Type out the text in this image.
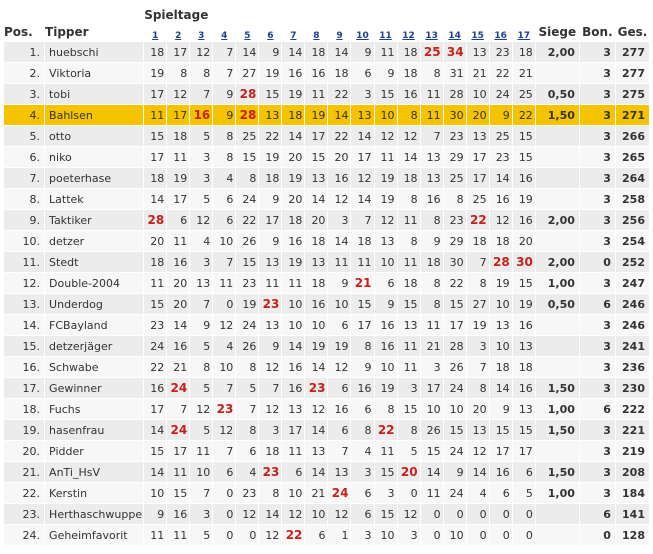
		Spieltage																			
Pos.	Tipper	1	2	3	4	5	6	7	8	9	10	11	12	13	14	15	16	17	Siege	Bon.	Ges.
1.	huebschi	18	17	12	7	14	9	14	18	14	9	11	18	25	34	13	23	18	2,00	3	277
2.	Viktoria	19	8	8	7	27	19	16	16	18	6	9	18	8	31	21	22	21		3	277
3.	tobi	17	12	7	9	28	15	19	11	22	3	15	16	11	28	10	24	25	0,50	3	275
4.	Bahlsen	11	17	16	9	28	13	18	19	14	13	10	8	11	30	20	9	22	1,50	3	271
5.	otto	15	18	5	8	25	22	14	17	22	14	12	12	7	23	13	25	15		3	266
6.	niko	17	11	3	8	15	19	20	15	20	17	11	14	13	29	17	23	15		3	265
7.	poeterhase	18	19	3	4	8	18	19	13	16	12	19	18	13	25	17	14	16		3	264
8.	Lattek	14	17	5	6	24	9	20	14	12	14	19	8	16	8	25	16	19		3	258
9.	Taktiker	28	6	12	6	22	17	18	20	3	7	12	11	8	23	22	12	16	2,00	3	256
10.	detzer	20	11	4	10	26	9	16	18	14	18	13	8	9	29	18	18	20		3	254
11.	Stedt	18	16	3	7	15	13	19	13	11	11	10	11	18	30	7	28	30	2,00	0	252
12.	Double-2004	11	20	13	11	23	11	11	18	9	21	6	18	8	22	8	19	15	1,00	3	247
13.	Underdog	15	20	7	0	19	23	10	16	10	15	9	15	8	15	27	10	19	0,50	6	246
14.	FCBayland	23	14	9	12	24	13	10	10	6	17	16	13	11	17	19	13	16		3	246
15.	detzerjäger	24	16	5	4	26	9	14	19	19	8	16	11	21	28	3	10	13		3	241
16.	Schwabe	22	21	8	10	8	12	16	14	12	9	10	11	3	26	7	18	18		3	236
17.	Gewinner	16	24	5	7	5	7	16	23	6	16	19	3	17	24	8	14	16	1,50	3	230
18.	Fuchs	17	7	12	23	7	12	13	12	16	6	8	15	10	10	20	9	13	1,00	6	222
19.	hasenfrau	14	24	5	12	8	3	17	14	6	8	22	8	26	15	13	15	15	1,50	3	221
20.	Pidder	15	17	11	7	6	18	11	13	7	4	11	5	15	24	12	17	17		3	219
21.	AnTi_HsV	14	11	10	6	4	23	6	14	13	3	15	20	14	9	14	16	6	1,50	3	208
22.	Kerstin	10	15	7	0	23	8	10	21	24	6	3	0	11	24	4	6	5	1,00	3	184
23.	Herthaschwuppe	9	16	3	0	12	14	12	10	12	6	15	12	0	0	0	0	0		6	141
24.	Geheimfavorit	11	11	5	0	0	12	22	6	1	3	10	3	0	10	0	0	0		0	128
